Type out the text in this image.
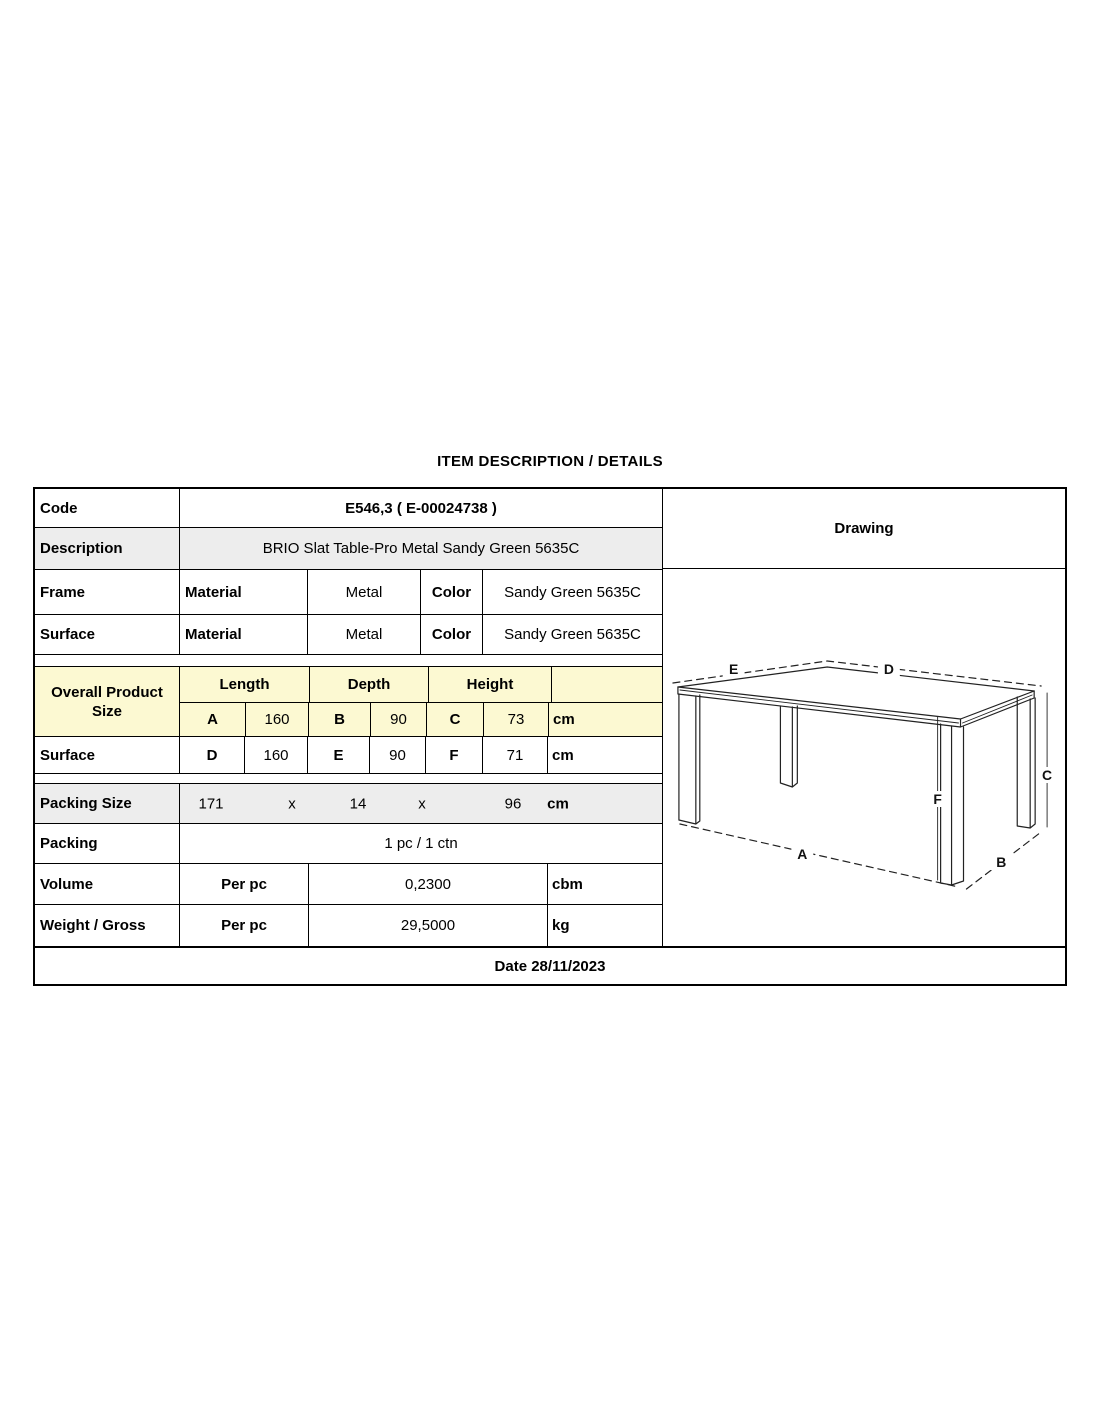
ITEM DESCRIPTION / DETAILS
Code	E546,3 ( E-00024738 )
Description	BRIO Slat Table-Pro Metal Sandy Green 5635C
Frame	Material	Metal	Color	Sandy Green 5635C
Surface	Material	Metal	Color	Sandy Green 5635C
Overall Product
Size
Length	Depth	Height
A	160	B	90	C	73	cm
Surface	D	160	E	90	F	71	cm
Packing Size	171	x	14	x	96 cm
Packing	1 pc / 1 ctn
Volume	Per pc	0,2300	cbm
Weight / Gross	Per pc	29,5000	kg
Drawing
E	D
C
F
A	B
Date 28/11/2023
